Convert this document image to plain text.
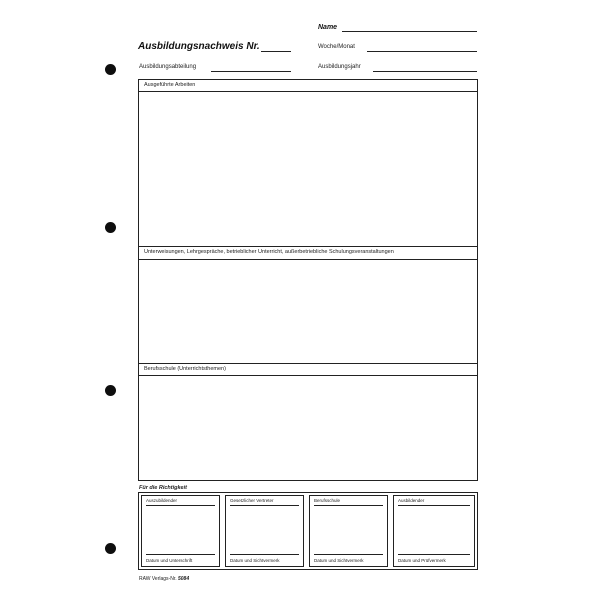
Name
Ausbildungsnachweis Nr.	Woche/Monat
Ausbildungsabteilung	Ausbildungsjahr
Ausgeführte Arbeiten
Unterweisungen, Lehrgespräche, betrieblicher Unterricht, außerbetriebliche Schulungsveranstaltungen
Berufsschule (Unterrichtsthemen)
Für die Richtigkeit
Auszubildender
Datum und Unterschrift
Gesetzlicher Vertreter
Datum und Sichtvermerk
Berufsschule
Datum und Sichtvermerk
Ausbildender
Datum und Prüfvermerk
RAW Verlags-Nr. 5084
